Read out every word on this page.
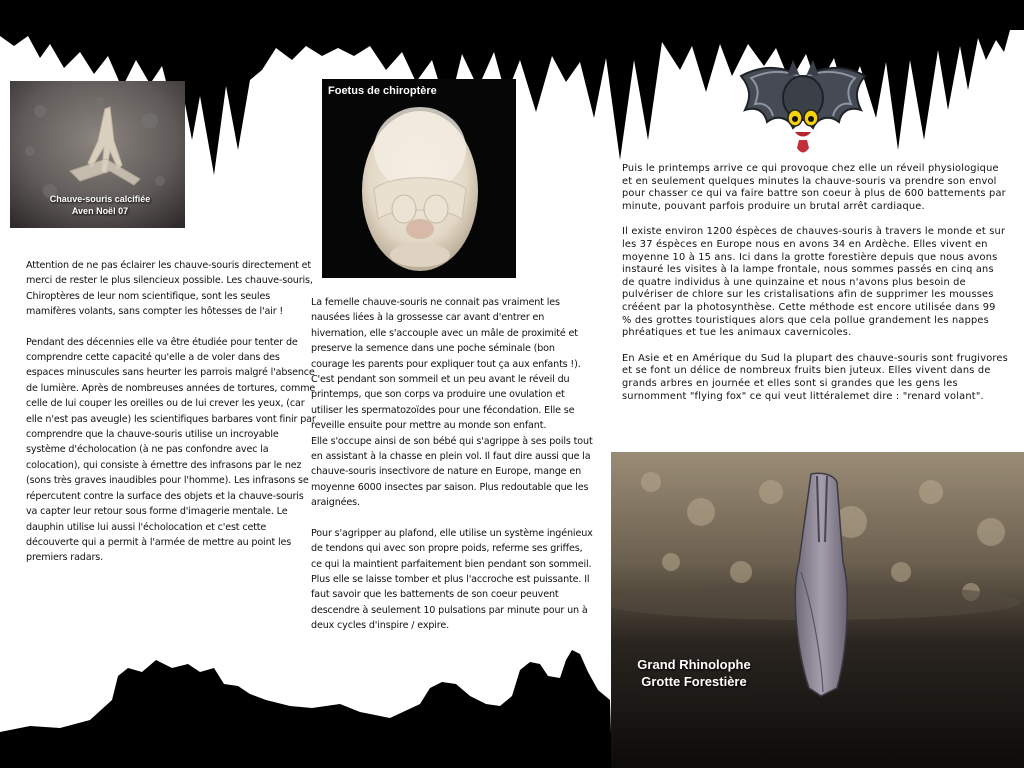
Chauve-souris calcifiée
Aven Noël 07
Foetus de chiroptère
Grand Rhinolophe
Grotte Forestière

Attention de ne pas éclairer les chauve-souris directement et merci de rester le plus silencieux possible. Les chauve-souris, Chiroptères de leur nom scientifique, sont les seules mamifères volants, sans compter les hôtesses de l'air !

Pendant des décennies elle va être étudiée pour tenter de comprendre cette capacité qu'elle a de voler dans des espaces minuscules sans heurter les parrois malgré l'absence de lumière. Après de nombreuses années de tortures, comme celle de lui couper les oreilles ou de lui crever les yeux, (car elle n'est pas aveugle) les scientifiques barbares vont finir par comprendre que la chauve-souris utilise un incroyable système d'écholocation (à ne pas confondre avec la colocation), qui consiste à émettre des infrasons par le nez (sons très graves inaudibles pour l'homme). Les infrasons se répercutent contre la surface des objets et la chauve-souris va capter leur retour sous forme d'imagerie mentale. Le dauphin utilise lui aussi l'écholocation et c'est cette découverte qui a permit à l'armée de mettre au point les premiers radars.

La femelle chauve-souris ne connait pas vraiment les nausées liées à la grossesse car avant d'entrer en hivernation, elle s'accouple avec un mâle de proximité et preserve la semence dans une poche séminale (bon courage les parents pour expliquer tout ça aux enfants !). C'est pendant son sommeil et un peu avant le réveil du printemps, que son corps va produire une ovulation et utiliser les spermatozoïdes pour une fécondation. Elle se reveille ensuite pour mettre au monde son enfant.

Elle s'occupe ainsi de son bébé qui s'agrippe à ses poils tout en assistant à la chasse en plein vol. Il faut dire aussi que la chauve-souris insectivore de nature en Europe, mange en moyenne 6000 insectes par saison. Plus redoutable que les araignées.

Pour s'agripper au plafond, elle utilise un système ingénieux de tendons qui avec son propre poids, referme ses griffes, ce qui la maintient parfaitement bien pendant son sommeil. Plus elle se laisse tomber et plus l'accroche est puissante. Il faut savoir que les battements de son coeur peuvent descendre à seulement 10 pulsations par minute pour un à deux cycles d'inspire / expire.

Puis le printemps arrive ce qui provoque chez elle un réveil physiologique et en seulement quelques minutes la chauve-souris va prendre son envol pour chasser ce qui va faire battre son coeur à plus de 600 battements par minute, pouvant parfois produire un brutal arrêt cardiaque.

Il existe environ 1200 éspèces de chauves-souris à travers le monde et sur les 37 éspèces en Europe nous en avons 34 en Ardèche. Elles vivent en moyenne 10 à 15 ans. Ici dans la grotte forestière depuis que nous avons instauré les visites à la lampe frontale, nous sommes passés en cinq ans de quatre individus à une quinzaine et nous n'avons plus besoin de pulvériser de chlore sur les cristalisations afin de supprimer les mousses crééent par la photosynthèse. Cette méthode est encore utilisée dans 99 % des grottes touristiques alors que cela pollue grandement les nappes phréatiques et tue les animaux cavernicoles.

En Asie et en Amérique du Sud la plupart des chauve-souris sont frugivores et se font un délice de nombreux fruits bien juteux. Elles vivent dans de grands arbres en journée et elles sont si grandes que les gens les surnomment "flying fox" ce qui veut littéralemet dire : "renard volant".
